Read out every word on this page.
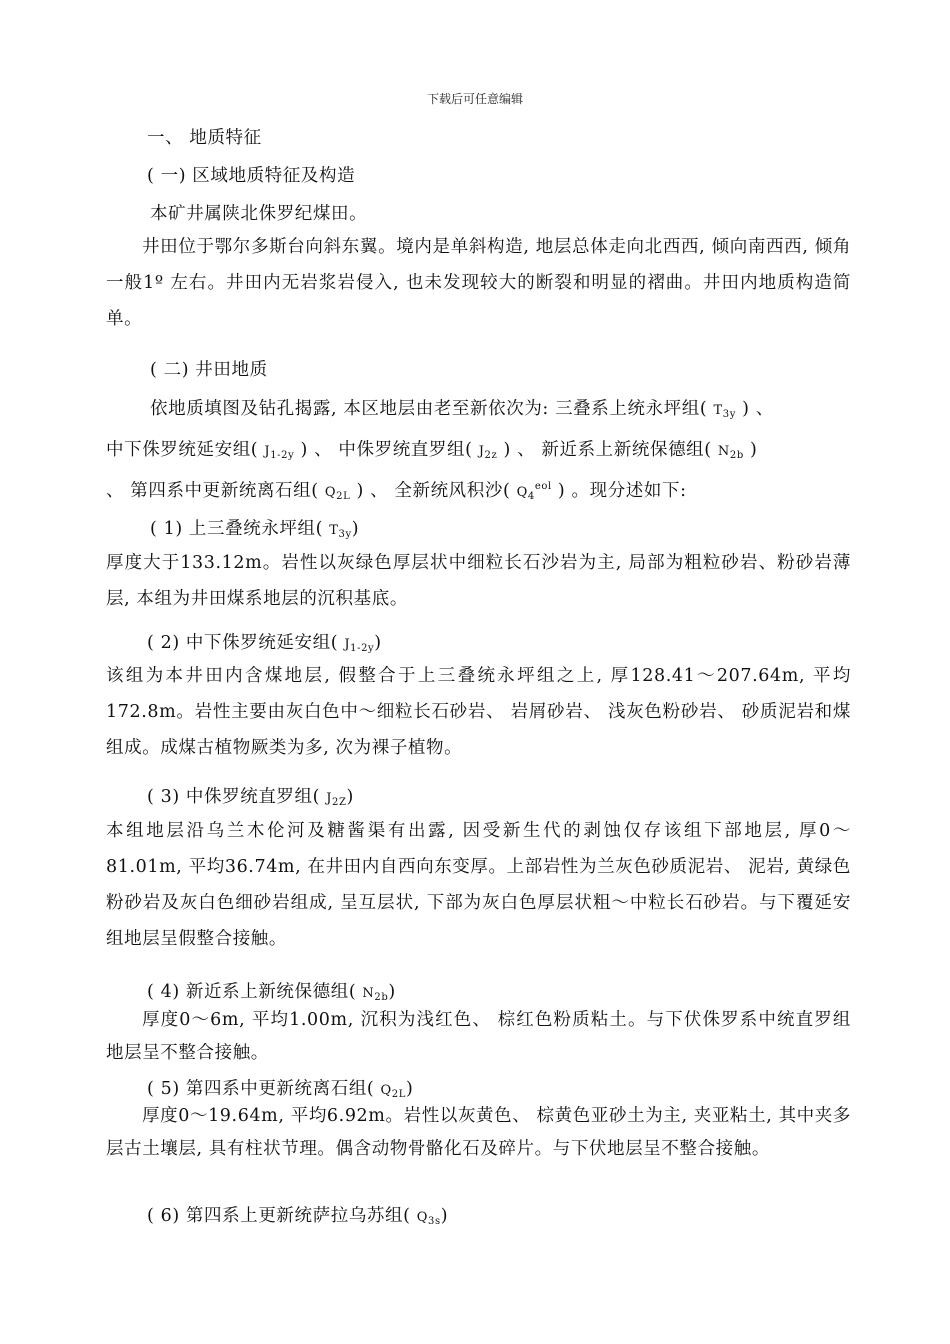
下载后可任意编辑
一、 地质特征
( 一) 区域地质特征及构造
本矿井属陕北侏罗纪煤田。
井田位于鄂尔多斯台向斜东翼。境内是单斜构造, 地层总体走向北西西, 倾向南西西, 倾角一般1º 左右。井田内无岩浆岩侵入, 也未发现较大的断裂和明显的褶曲。井田内地质构造简单。
( 二) 井田地质
依地质填图及钻孔揭露, 本区地层由老至新依次为: 三叠系上统永坪组( $T_{3y}$ ) 、
中下侏罗统延安组( $J_{1-2y}$ ) 、 中侏罗统直罗组( $J_{2z}$ ) 、 新近系上新统保德组( $N_{2b}$ )
、 第四系中更新统离石组( $Q_{2L}$ ) 、 全新统风积沙( $Q_4^{eol}$ ) 。现分述如下:
( 1) 上三叠统永坪组( $T_{3y}$)
厚度大于133.12m。岩性以灰绿色厚层状中细粒长石沙岩为主, 局部为粗粒砂岩、粉砂岩薄层, 本组为井田煤系地层的沉积基底。
( 2) 中下侏罗统延安组( $J_{1-2y}$)
该组为本井田内含煤地层, 假整合于上三叠统永坪组之上, 厚128.41～207.64m, 平均172.8m。岩性主要由灰白色中～细粒长石砂岩、 岩屑砂岩、 浅灰色粉砂岩、 砂质泥岩和煤组成。成煤古植物厥类为多, 次为裸子植物。
( 3) 中侏罗统直罗组( $J_{2Z}$)
本组地层沿乌兰木伦河及糖酱渠有出露, 因受新生代的剥蚀仅存该组下部地层, 厚0～81.01m, 平均36.74m, 在井田内自西向东变厚。上部岩性为兰灰色砂质泥岩、 泥岩, 黄绿色粉砂岩及灰白色细砂岩组成, 呈互层状, 下部为灰白色厚层状粗～中粒长石砂岩。与下覆延安组地层呈假整合接触。
( 4) 新近系上新统保德组( $N_{2b}$)
厚度0～6m, 平均1.00m, 沉积为浅红色、 棕红色粉质粘土。与下伏侏罗系中统直罗组地层呈不整合接触。
( 5) 第四系中更新统离石组( $Q_{2L}$)
厚度0～19.64m, 平均6.92m。岩性以灰黄色、 棕黄色亚砂土为主, 夹亚粘土, 其中夹多层古土壤层, 具有柱状节理。偶含动物骨骼化石及碎片。与下伏地层呈不整合接触。
( 6) 第四系上更新统萨拉乌苏组( $Q_{3s}$)
